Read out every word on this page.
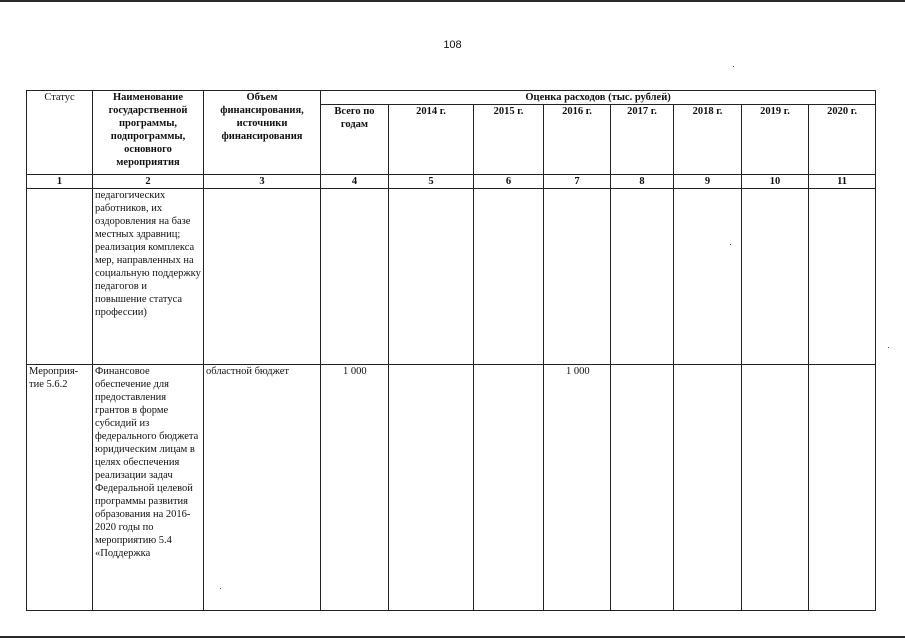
108
Статус	Наименование государственной программы, подпрограммы, основного мероприятия	Объем финансирования, источники финансирования	Оценка расходов (тыс. рублей)							
			Всего по годам	2014 г.	2015 г.	2016 г.	2017 г.	2018 г.	2019 г.	2020 г.
1	2	3	4	5	6	7	8	9	10	11
	педагогических работников, их оздоровления на базе местных здравниц; реализация комплекса мер, направленных на социальную поддержку педагогов и повышение статуса профессии)									
Мероприя-тие 5.6.2	Финансовое обеспечение для предоставления грантов в форме субсидий из федерального бюджета юридическим лицам в целях обеспечения реализации задач Федеральной целевой программы развития образования на 2016-2020 годы по мероприятию 5.4 «Поддержка	областной бюджет	1 000			1 000				
